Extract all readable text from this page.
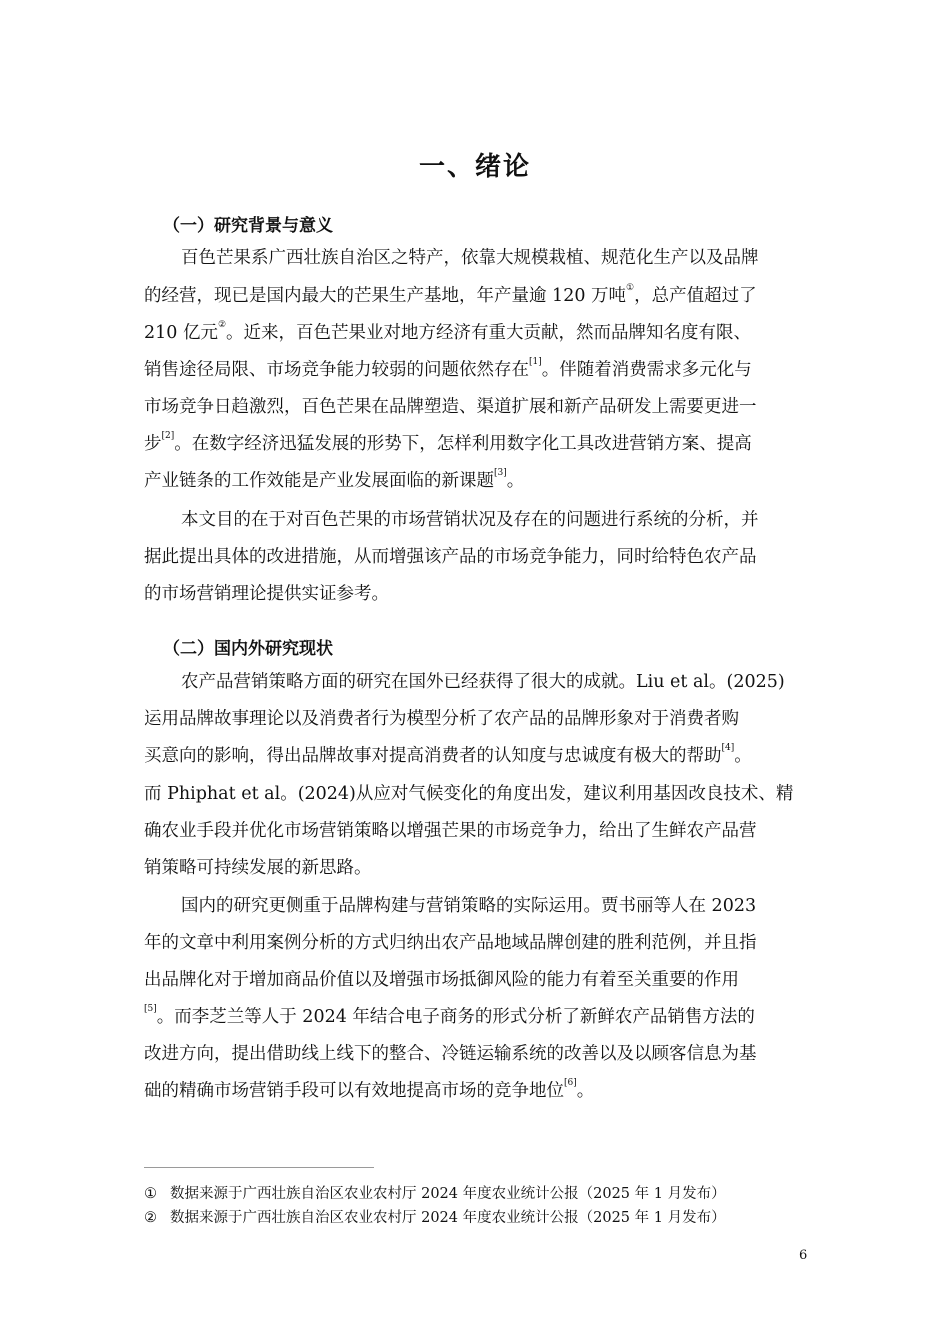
一、绪论
（一）研究背景与意义
百色芒果系广西壮族自治区之特产，依靠大规模栽植、规范化生产以及品牌
的经营，现已是国内最大的芒果生产基地，年产量逾 120 万吨①，总产值超过了
210 亿元②。近来，百色芒果业对地方经济有重大贡献，然而品牌知名度有限、
销售途径局限、市场竞争能力较弱的问题依然存在[1]。伴随着消费需求多元化与
市场竞争日趋激烈，百色芒果在品牌塑造、渠道扩展和新产品研发上需要更进一
步[2]。在数字经济迅猛发展的形势下，怎样利用数字化工具改进营销方案、提高
产业链条的工作效能是产业发展面临的新课题[3]。
本文目的在于对百色芒果的市场营销状况及存在的问题进行系统的分析，并
据此提出具体的改进措施，从而增强该产品的市场竞争能力，同时给特色农产品
的市场营销理论提供实证参考。
（二）国内外研究现状
农产品营销策略方面的研究在国外已经获得了很大的成就。Liu et al。(2025)
运用品牌故事理论以及消费者行为模型分析了农产品的品牌形象对于消费者购
买意向的影响，得出品牌故事对提高消费者的认知度与忠诚度有极大的帮助[4]。
而 Phiphat et al。(2024)从应对气候变化的角度出发，建议利用基因改良技术、精
确农业手段并优化市场营销策略以增强芒果的市场竞争力，给出了生鲜农产品营
销策略可持续发展的新思路。
国内的研究更侧重于品牌构建与营销策略的实际运用。贾书丽等人在 2023
年的文章中利用案例分析的方式归纳出农产品地域品牌创建的胜利范例，并且指
出品牌化对于增加商品价值以及增强市场抵御风险的能力有着至关重要的作用
[5]。而李芝兰等人于 2024 年结合电子商务的形式分析了新鲜农产品销售方法的
改进方向，提出借助线上线下的整合、冷链运输系统的改善以及以顾客信息为基
础的精确市场营销手段可以有效地提高市场的竞争地位[6]。
① 数据来源于广西壮族自治区农业农村厅 2024 年度农业统计公报（2025 年 1 月发布）
② 数据来源于广西壮族自治区农业农村厅 2024 年度农业统计公报（2025 年 1 月发布）
6
